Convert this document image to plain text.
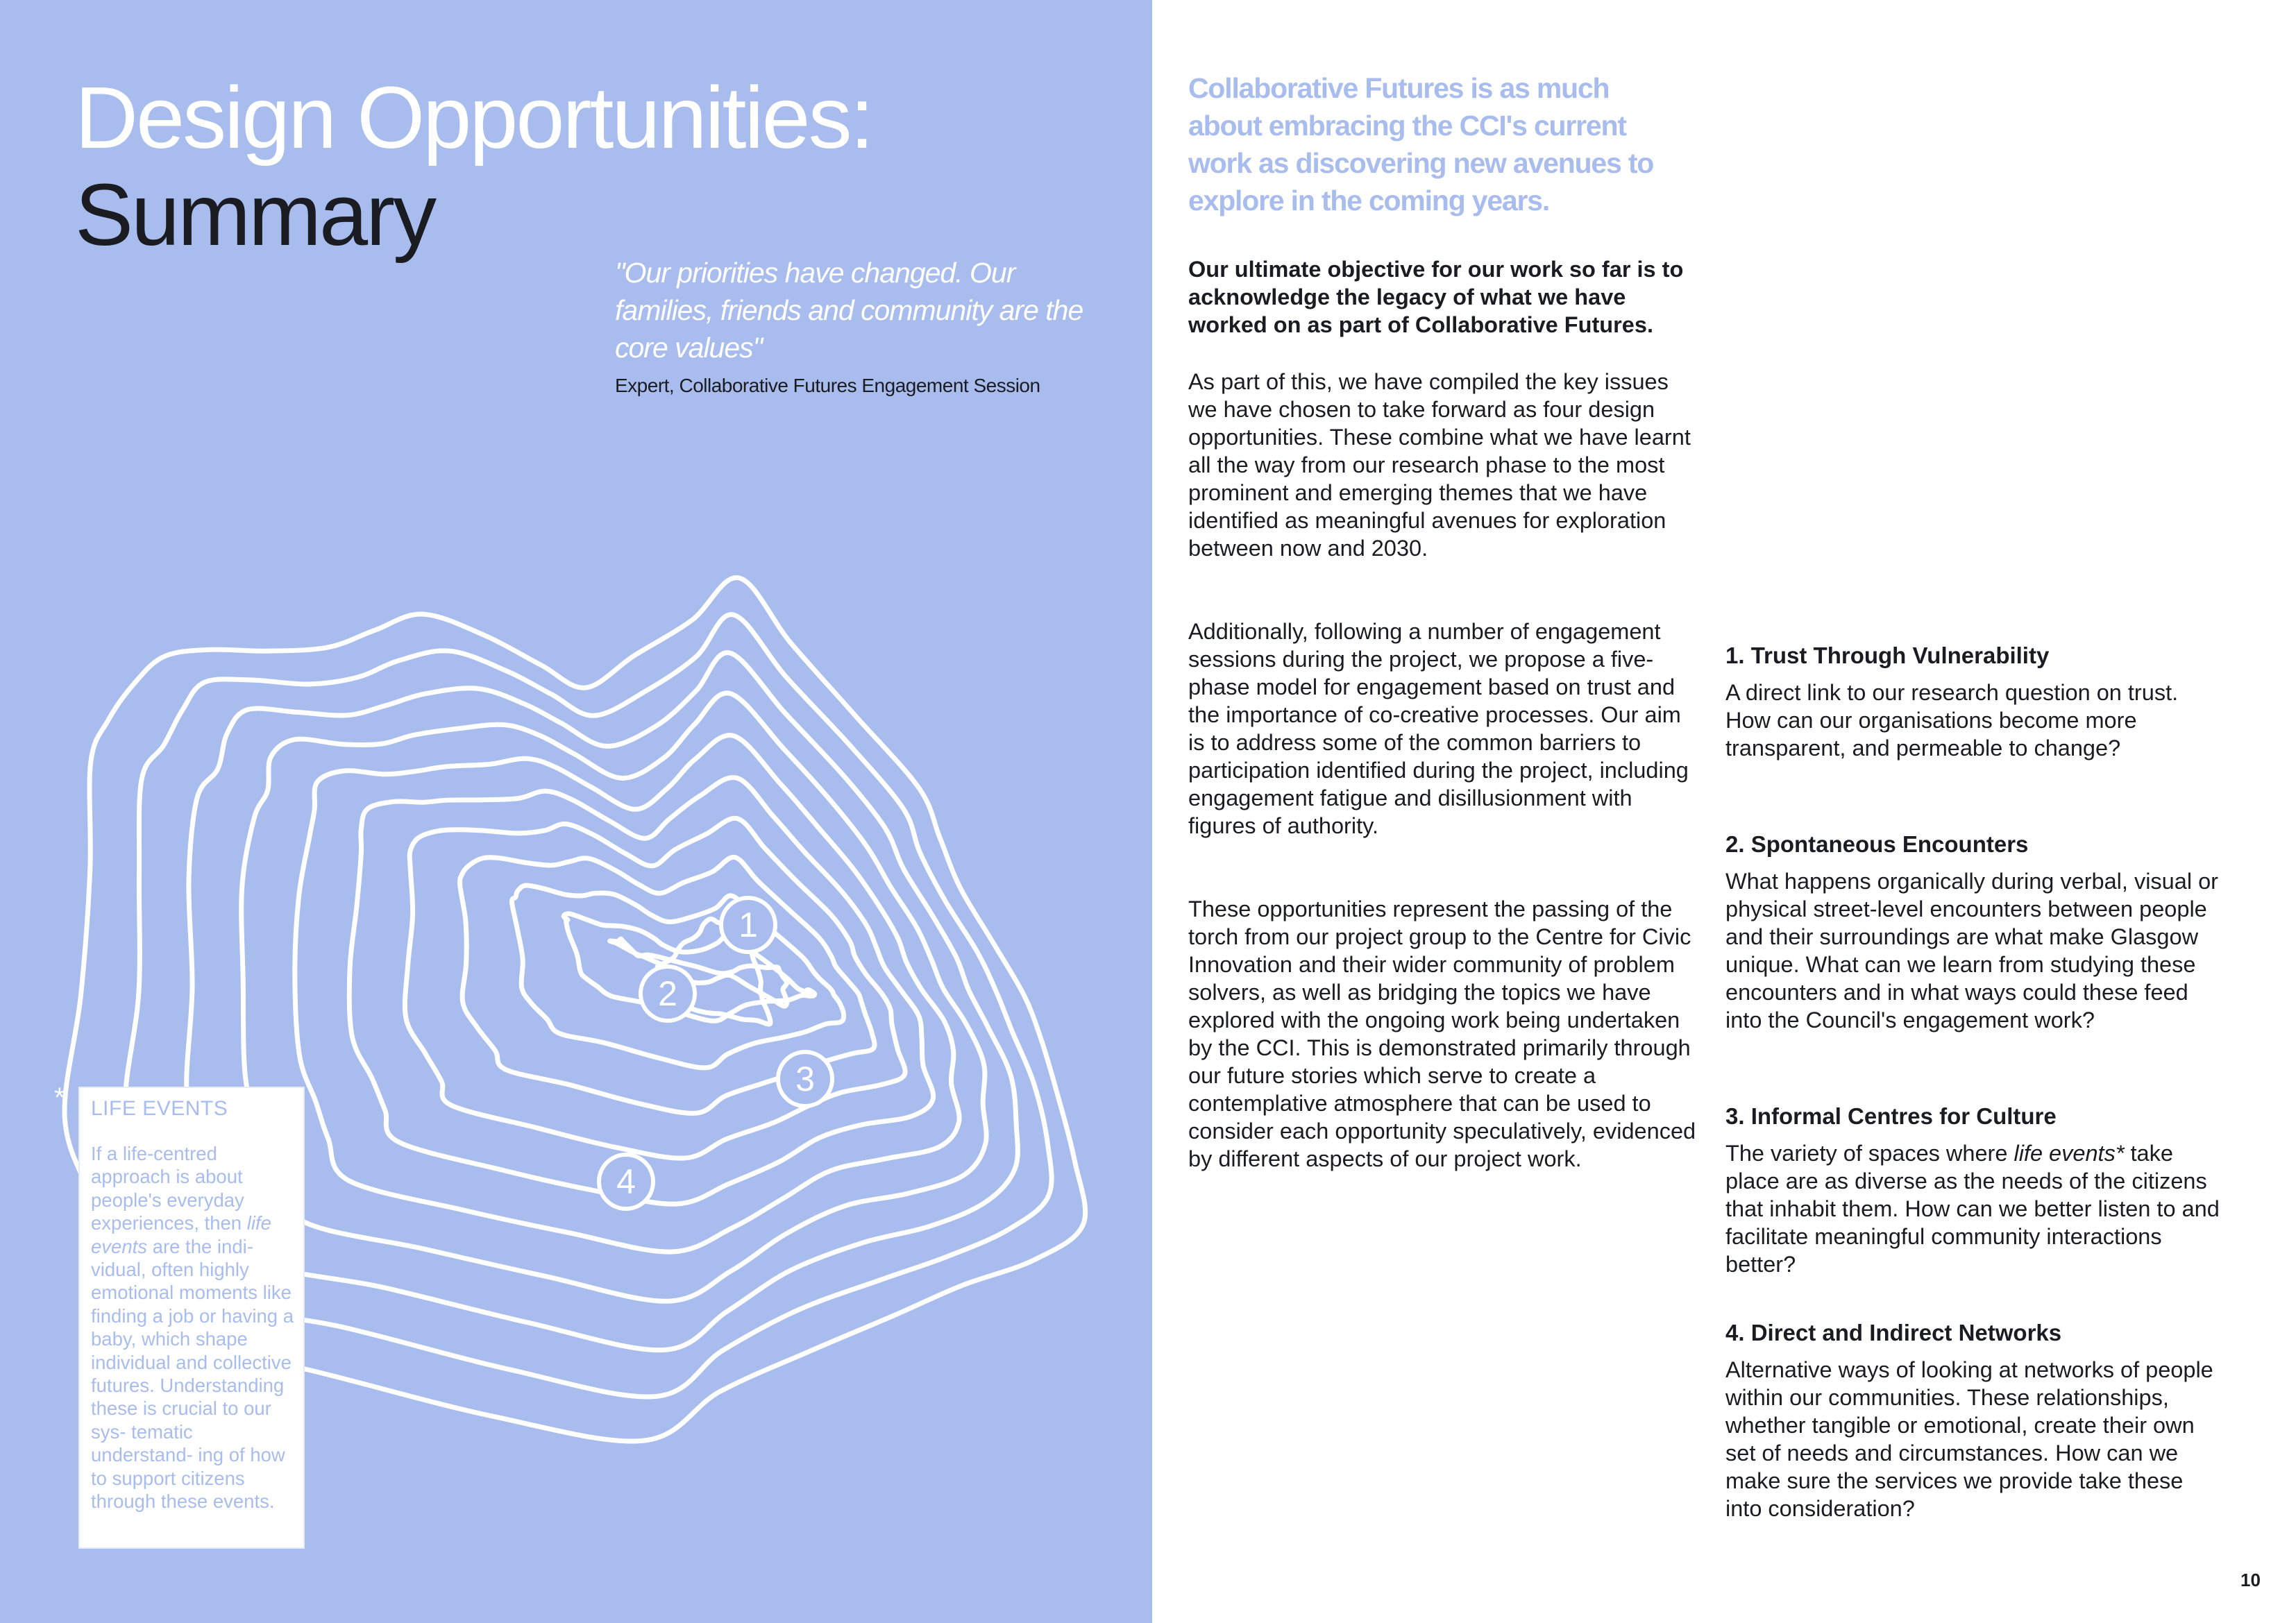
Design Opportunities:
Summary
"Our priorities have changed. Our families, friends and community are the core values"
Expert, Collaborative Futures Engagement Session
1
2
3
4
* LIFE EVENTS
If a life-centred approach is about people's everyday experiences, then life events are the indi- vidual, often highly emotional moments like finding a job or having a baby, which shape individual and collective futures. Understanding these is crucial to our sys- tematic understand- ing of how to support citizens through these events.
Collaborative Futures is as much about embracing the CCI's current work as discovering new avenues to explore in the coming years.
Our ultimate objective for our work so far is to acknowledge the legacy of what we have worked on as part of Collaborative Futures.
As part of this, we have compiled the key issues we have chosen to take forward as four design opportunities. These combine what we have learnt all the way from our research phase to the most prominent and emerging themes that we have identified as meaningful avenues for exploration between now and 2030.
Additionally, following a number of engagement sessions during the project, we propose a five-phase model for engagement based on trust and the importance of co-creative processes. Our aim is to address some of the common barriers to participation identified during the project, including engagement fatigue and disillusionment with figures of authority.
These opportunities represent the passing of the torch from our project group to the Centre for Civic Innovation and their wider community of problem solvers, as well as bridging the topics we have explored with the ongoing work being undertaken by the CCI. This is demonstrated primarily through our future stories which serve to create a contemplative atmosphere that can be used to consider each opportunity speculatively, evidenced by different aspects of our project work.
1. Trust Through Vulnerability
A direct link to our research question on trust. How can our organisations become more transparent, and permeable to change?
2. Spontaneous Encounters
What happens organically during verbal, visual or physical street-level encounters between people and their surroundings are what make Glasgow unique. What can we learn from studying these encounters and in what ways could these feed into the Council's engagement work?
3. Informal Centres for Culture
The variety of spaces where life events* take place are as diverse as the needs of the citizens that inhabit them. How can we better listen to and facilitate meaningful community interactions better?
4. Direct and Indirect Networks
Alternative ways of looking at networks of people within our communities. These relationships, whether tangible or emotional, create their own set of needs and circumstances. How can we make sure the services we provide take these into consideration?
10
